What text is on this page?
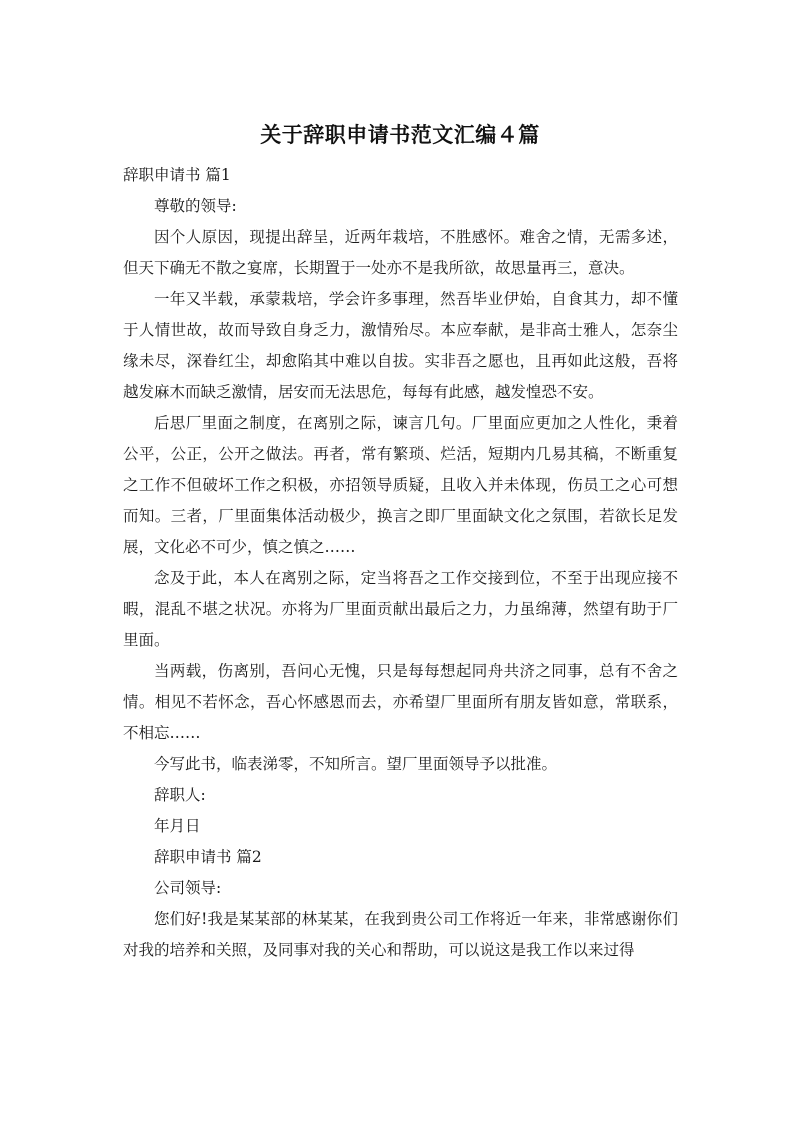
关于辞职申请书范文汇编４篇

辞职申请书 篇1

尊敬的领导:

因个人原因，现提出辞呈，近两年栽培，不胜感怀。难舍之情，无需多述，但天下确无不散之宴席，长期置于一处亦不是我所欲，故思量再三，意决。

一年又半载，承蒙栽培，学会许多事理，然吾毕业伊始，自食其力，却不懂于人情世故，故而导致自身乏力，激情殆尽。本应奉献，是非高士雅人，怎奈尘缘未尽，深眷红尘，却愈陷其中难以自拔。实非吾之愿也，且再如此这般，吾将越发麻木而缺乏激情，居安而无法思危，每每有此感，越发惶恐不安。

后思厂里面之制度，在离别之际，谏言几句。厂里面应更加之人性化，秉着公平，公正，公开之做法。再者，常有繁琐、烂活，短期内几易其稿，不断重复之工作不但破坏工作之积极，亦招领导质疑，且收入并未体现，伤员工之心可想而知。三者，厂里面集体活动极少，换言之即厂里面缺文化之氛围，若欲长足发展，文化必不可少，慎之慎之……

念及于此，本人在离别之际，定当将吾之工作交接到位，不至于出现应接不暇，混乱不堪之状况。亦将为厂里面贡献出最后之力，力虽绵薄，然望有助于厂里面。

当两载，伤离别，吾问心无愧，只是每每想起同舟共济之同事，总有不舍之情。相见不若怀念，吾心怀感恩而去，亦希望厂里面所有朋友皆如意，常联系，不相忘……

今写此书，临表涕零，不知所言。望厂里面领导予以批准。

辞职人:

年月日

辞职申请书 篇2

公司领导:

您们好!我是某某部的林某某，在我到贵公司工作将近一年来，非常感谢你们对我的培养和关照，及同事对我的关心和帮助，可以说这是我工作以来过得
